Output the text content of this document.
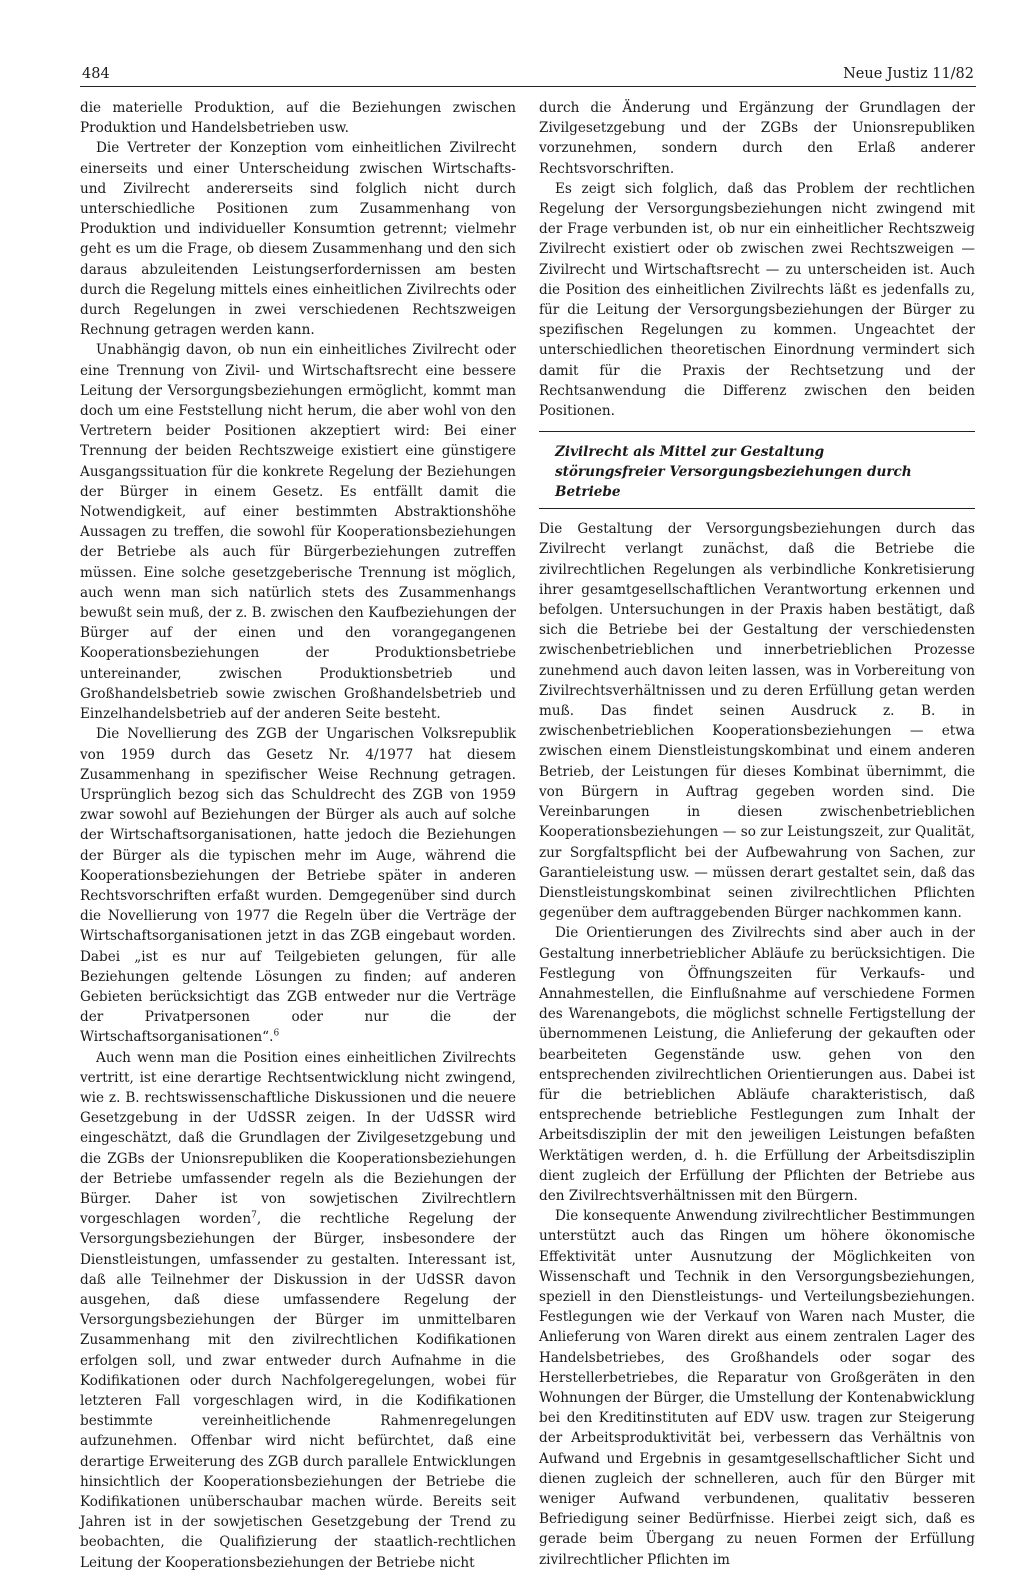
484	Neue Justiz 11/82

die materielle Produktion, auf die Beziehungen zwischen Produktion und Handelsbetrieben usw.

Die Vertreter der Konzeption vom einheitlichen Zivilrecht einerseits und einer Unterscheidung zwischen Wirtschafts- und Zivilrecht andererseits sind folglich nicht durch unterschiedliche Positionen zum Zusammenhang von Produktion und individueller Konsumtion getrennt; vielmehr geht es um die Frage, ob diesem Zusammenhang und den sich daraus abzuleitenden Leistungserfordernissen am besten durch die Regelung mittels eines einheitlichen Zivilrechts oder durch Regelungen in zwei verschiedenen Rechtszweigen Rechnung getragen werden kann.

Unabhängig davon, ob nun ein einheitliches Zivilrecht oder eine Trennung von Zivil- und Wirtschaftsrecht eine bessere Leitung der Versorgungsbeziehungen ermöglicht, kommt man doch um eine Feststellung nicht herum, die aber wohl von den Vertretern beider Positionen akzeptiert wird: Bei einer Trennung der beiden Rechtszweige existiert eine günstigere Ausgangssituation für die konkrete Regelung der Beziehungen der Bürger in einem Gesetz. Es entfällt damit die Notwendigkeit, auf einer bestimmten Abstraktionshöhe Aussagen zu treffen, die sowohl für Kooperationsbeziehungen der Betriebe als auch für Bürgerbeziehungen zutreffen müssen. Eine solche gesetzgeberische Trennung ist möglich, auch wenn man sich natürlich stets des Zusammenhangs bewußt sein muß, der z. B. zwischen den Kaufbeziehungen der Bürger auf der einen und den vorangegangenen Kooperationsbeziehungen der Produktionsbetriebe untereinander, zwischen Produktionsbetrieb und Großhandelsbetrieb sowie zwischen Großhandelsbetrieb und Einzelhandelsbetrieb auf der anderen Seite besteht.

Die Novellierung des ZGB der Ungarischen Volksrepublik von 1959 durch das Gesetz Nr. 4/1977 hat diesem Zusammenhang in spezifischer Weise Rechnung getragen. Ursprünglich bezog sich das Schuldrecht des ZGB von 1959 zwar sowohl auf Beziehungen der Bürger als auch auf solche der Wirtschaftsorganisationen, hatte jedoch die Beziehungen der Bürger als die typischen mehr im Auge, während die Kooperationsbeziehungen der Betriebe später in anderen Rechtsvorschriften erfaßt wurden. Demgegenüber sind durch die Novellierung von 1977 die Regeln über die Verträge der Wirtschaftsorganisationen jetzt in das ZGB eingebaut worden. Dabei „ist es nur auf Teilgebieten gelungen, für alle Beziehungen geltende Lösungen zu finden; auf anderen Gebieten berücksichtigt das ZGB entweder nur die Verträge der Privatpersonen oder nur die der Wirtschaftsorganisationen“.$^6$

Auch wenn man die Position eines einheitlichen Zivilrechts vertritt, ist eine derartige Rechtsentwicklung nicht zwingend, wie z. B. rechtswissenschaftliche Diskussionen und die neuere Gesetzgebung in der UdSSR zeigen. In der UdSSR wird eingeschätzt, daß die Grundlagen der Zivilgesetzgebung und die ZGBs der Unionsrepubliken die Kooperationsbeziehungen der Betriebe umfassender regeln als die Beziehungen der Bürger. Daher ist von sowjetischen Zivilrechtlern vorgeschlagen worden$^7$, die rechtliche Regelung der Versorgungsbeziehungen der Bürger, insbesondere der Dienstleistungen, umfassender zu gestalten. Interessant ist, daß alle Teilnehmer der Diskussion in der UdSSR davon ausgehen, daß diese umfassendere Regelung der Versorgungsbeziehungen der Bürger im unmittelbaren Zusammenhang mit den zivilrechtlichen Kodifikationen erfolgen soll, und zwar entweder durch Aufnahme in die Kodifikationen oder durch Nachfolgeregelungen, wobei für letzteren Fall vorgeschlagen wird, in die Kodifikationen bestimmte vereinheitlichende Rahmenregelungen aufzunehmen. Offenbar wird nicht befürchtet, daß eine derartige Erweiterung des ZGB durch parallele Entwicklungen hinsichtlich der Kooperationsbeziehungen der Betriebe die Kodifikationen unüberschaubar machen würde. Bereits seit Jahren ist in der sowjetischen Gesetzgebung der Trend zu beobachten, die Qualifizierung der staatlich-rechtlichen Leitung der Kooperationsbeziehungen der Betriebe nicht

durch die Änderung und Ergänzung der Grundlagen der Zivilgesetzgebung und der ZGBs der Unionsrepubliken vorzunehmen, sondern durch den Erlaß anderer Rechtsvorschriften.

Es zeigt sich folglich, daß das Problem der rechtlichen Regelung der Versorgungsbeziehungen nicht zwingend mit der Frage verbunden ist, ob nur ein einheitlicher Rechtszweig Zivilrecht existiert oder ob zwischen zwei Rechtszweigen — Zivilrecht und Wirtschaftsrecht — zu unterscheiden ist. Auch die Position des einheitlichen Zivilrechts läßt es jedenfalls zu, für die Leitung der Versorgungsbeziehungen der Bürger zu spezifischen Regelungen zu kommen. Ungeachtet der unterschiedlichen theoretischen Einordnung vermindert sich damit für die Praxis der Rechtsetzung und der Rechtsanwendung die Differenz zwischen den beiden Positionen.

Zivilrecht als Mittel zur Gestaltung
störungsfreier Versorgungsbeziehungen durch Betriebe

Die Gestaltung der Versorgungsbeziehungen durch das Zivilrecht verlangt zunächst, daß die Betriebe die zivilrechtlichen Regelungen als verbindliche Konkretisierung ihrer gesamtgesellschaftlichen Verantwortung erkennen und befolgen. Untersuchungen in der Praxis haben bestätigt, daß sich die Betriebe bei der Gestaltung der verschiedensten zwischenbetrieblichen und innerbetrieblichen Prozesse zunehmend auch davon leiten lassen, was in Vorbereitung von Zivilrechtsverhältnissen und zu deren Erfüllung getan werden muß. Das findet seinen Ausdruck z. B. in zwischenbetrieblichen Kooperationsbeziehungen — etwa zwischen einem Dienstleistungskombinat und einem anderen Betrieb, der Leistungen für dieses Kombinat übernimmt, die von Bürgern in Auftrag gegeben worden sind. Die Vereinbarungen in diesen zwischenbetrieblichen Kooperationsbeziehungen — so zur Leistungszeit, zur Qualität, zur Sorgfaltspflicht bei der Aufbewahrung von Sachen, zur Garantieleistung usw. — müssen derart gestaltet sein, daß das Dienstleistungskombinat seinen zivilrechtlichen Pflichten gegenüber dem auftraggebenden Bürger nachkommen kann.

Die Orientierungen des Zivilrechts sind aber auch in der Gestaltung innerbetrieblicher Abläufe zu berücksichtigen. Die Festlegung von Öffnungszeiten für Verkaufs- und Annahmestellen, die Einflußnahme auf verschiedene Formen des Warenangebots, die möglichst schnelle Fertigstellung der übernommenen Leistung, die Anlieferung der gekauften oder bearbeiteten Gegenstände usw. gehen von den entsprechenden zivilrechtlichen Orientierungen aus. Dabei ist für die betrieblichen Abläufe charakteristisch, daß entsprechende betriebliche Festlegungen zum Inhalt der Arbeitsdisziplin der mit den jeweiligen Leistungen befaßten Werktätigen werden, d. h. die Erfüllung der Arbeitsdisziplin dient zugleich der Erfüllung der Pflichten der Betriebe aus den Zivilrechtsverhältnissen mit den Bürgern.

Die konsequente Anwendung zivilrechtlicher Bestimmungen unterstützt auch das Ringen um höhere ökonomische Effektivität unter Ausnutzung der Möglichkeiten von Wissenschaft und Technik in den Versorgungsbeziehungen, speziell in den Dienstleistungs- und Verteilungsbeziehungen. Festlegungen wie der Verkauf von Waren nach Muster, die Anlieferung von Waren direkt aus einem zentralen Lager des Handelsbetriebes, des Großhandels oder sogar des Herstellerbetriebes, die Reparatur von Großgeräten in den Wohnungen der Bürger, die Umstellung der Kontenabwicklung bei den Kreditinstituten auf EDV usw. tragen zur Steigerung der Arbeitsproduktivität bei, verbessern das Verhältnis von Aufwand und Ergebnis in gesamtgesellschaftlicher Sicht und dienen zugleich der schnelleren, auch für den Bürger mit weniger Aufwand verbundenen, qualitativ besseren Befriedigung seiner Bedürfnisse. Hierbei zeigt sich, daß es gerade beim Übergang zu neuen Formen der Erfüllung zivilrechtlicher Pflichten im
